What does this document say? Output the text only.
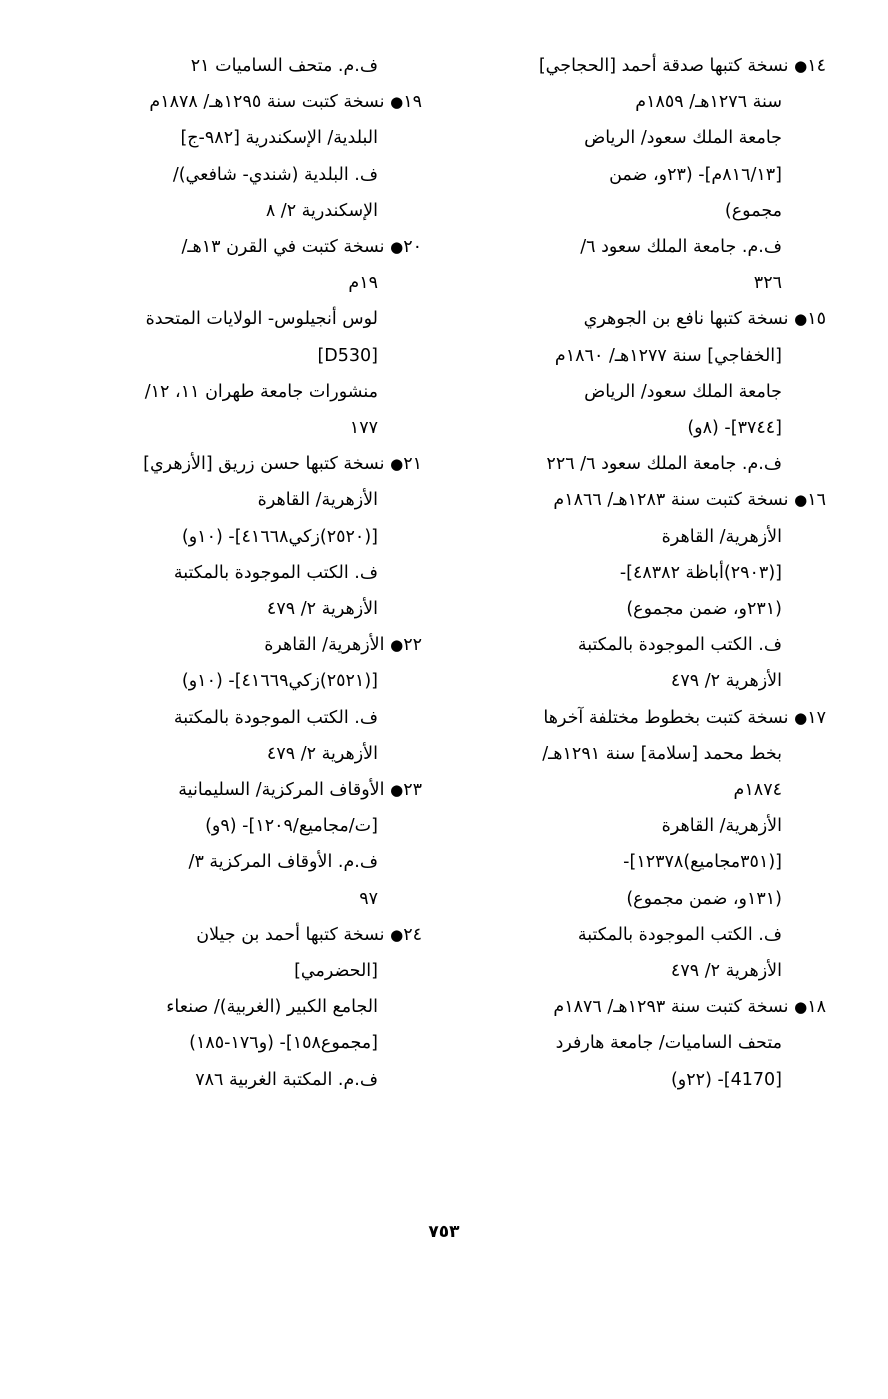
١٤● نسخة كتبها صدقة أحمد [الحجاجي]
سنة ١٢٧٦هـ/ ١٨٥٩م
جامعة الملك سعود/ الرياض
[٨١٦/١٣م]- (٢٣و، ضمن
مجموع)
ف.م. جامعة الملك سعود ٦/
٣٢٦
١٥● نسخة كتبها نافع بن الجوهري
[الخفاجي] سنة ١٢٧٧هـ/ ١٨٦٠م
جامعة الملك سعود/ الرياض
[٣٧٤٤]- (٨و)
ف.م. جامعة الملك سعود ٦/ ٢٢٦
١٦● نسخة كتبت سنة ١٢٨٣هـ/ ١٨٦٦م
الأزهرية/ القاهرة
[(٢٩٠٣)أباظة ٤٨٣٨٢]-
(٢٣١و، ضمن مجموع)
ف. الكتب الموجودة بالمكتبة
الأزهرية ٢/ ٤٧٩
١٧● نسخة كتبت بخطوط مختلفة آخرها
بخط محمد [سلامة] سنة ١٢٩١هـ/
١٨٧٤م
الأزهرية/ القاهرة
[(٣٥١مجاميع)١٢٣٧٨]-
(١٣١و، ضمن مجموع)
ف. الكتب الموجودة بالمكتبة
الأزهرية ٢/ ٤٧٩
١٨● نسخة كتبت سنة ١٢٩٣هـ/ ١٨٧٦م
متحف الساميات/ جامعة هارفرد
[4170]- (٢٢و)
ف.م. متحف الساميات ٢١
١٩● نسخة كتبت سنة ١٢٩٥هـ/ ١٨٧٨م
البلدية/ الإسكندرية [٩٨٢-ج]
ف. البلدية (شندي- شافعي)/
الإسكندرية ٢/ ٨
٢٠● نسخة كتبت في القرن ١٣هـ/
١٩م
لوس أنجيلوس- الولايات المتحدة
[D530]
منشورات جامعة طهران ١١، ١٢/
١٧٧
٢١● نسخة كتبها حسن زريق [الأزهري]
الأزهرية/ القاهرة
[(٢٥٢٠)زكي٤١٦٦٨]- (١٠و)
ف. الكتب الموجودة بالمكتبة
الأزهرية ٢/ ٤٧٩
٢٢● الأزهرية/ القاهرة
[(٢٥٢١)زكي٤١٦٦٩]- (١٠و)
ف. الكتب الموجودة بالمكتبة
الأزهرية ٢/ ٤٧٩
٢٣● الأوقاف المركزية/ السليمانية
[ت/مجاميع/١٢٠٩]- (٩و)
ف.م. الأوقاف المركزية ٣/
٩٧
٢٤● نسخة كتبها أحمد بن جيلان
[الحضرمي]
الجامع الكبير (الغربية)/ صنعاء
[مجموع١٥٨]- (و١٧٦-١٨٥)
ف.م. المكتبة الغربية ٧٨٦
٧٥٣
